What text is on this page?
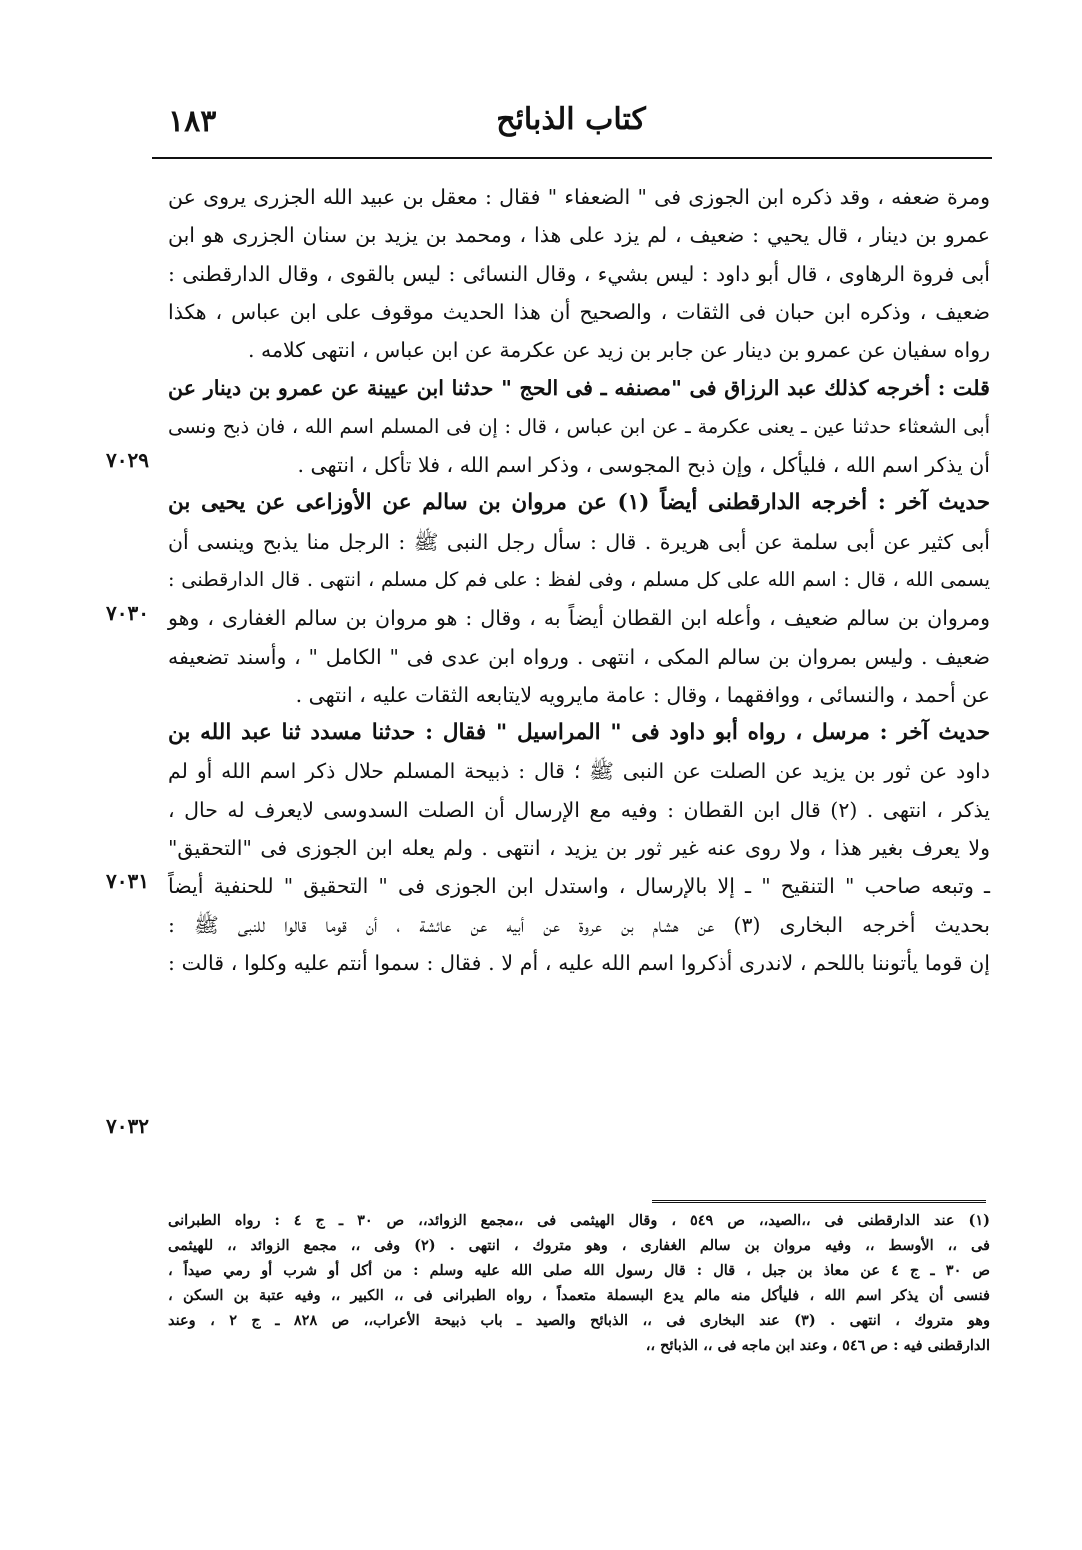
١٨٣	كتاب الذبائح
٧٠٢٩
٧٠٣٠
٧٠٣١
٧٠٣٢
ومرة ضعفه ، وقد ذكره ابن الجوزى فى " الضعفاء " فقال : معقل بن عبيد الله الجزرى يروى عن
عمرو بن دينار ، قال يحيي : ضعيف ، لم يزد على هذا ، ومحمد بن يزيد بن سنان الجزرى هو ابن
أبى فروة الرهاوى ، قال أبو داود : ليس بشيء ، وقال النسائى : ليس بالقوى ، وقال الدارقطنى :
ضعيف ، وذكره ابن حبان فى الثقات ، والصحيح أن هذا الحديث موقوف على ابن عباس ، هكذا
رواه سفيان عن عمرو بن دينار عن جابر بن زيد عن عكرمة عن ابن عباس ، انتهى كلامه .
قلت : أخرجه كذلك عبد الرزاق فى "مصنفه ـ فى الحج " حدثنا ابن عيينة عن عمرو بن دينار عن
أبى الشعثاء حدثنا عين ـ يعنى عكرمة ـ عن ابن عباس ، قال : إن فى المسلم اسم الله ، فان ذبح ونسى
أن يذكر اسم الله ، فليأكل ، وإن ذبح المجوسى ، وذكر اسم الله ، فلا تأكل ، انتهى .
حديث آخر : أخرجه الدارقطنى أيضاً (١) عن مروان بن سالم عن الأوزاعى عن يحيى بن
أبى كثير عن أبى سلمة عن أبى هريرة . قال : سأل رجل النبى ﷺ : الرجل منا يذبح وينسى أن
يسمى الله ، قال : اسم الله على كل مسلم ، وفى لفظ : على فم كل مسلم ، انتهى . قال الدارقطنى :
ومروان بن سالم ضعيف ، وأعله ابن القطان أيضاً به ، وقال : هو مروان بن سالم الغفارى ، وهو
ضعيف . وليس بمروان بن سالم المكى ، انتهى . ورواه ابن عدى فى " الكامل " ، وأسند تضعيفه
عن أحمد ، والنسائى ، ووافقهما ، وقال : عامة مايرويه لايتابعه الثقات عليه ، انتهى .
حديث آخر : مرسل ، رواه أبو داود فى " المراسيل " فقال : حدثنا مسدد ثنا عبد الله بن
داود عن ثور بن يزيد عن الصلت عن النبى ﷺ ؛ قال : ذبيحة المسلم حلال ذكر اسم الله أو لم
يذكر ، انتهى . (٢) قال ابن القطان : وفيه مع الإرسال أن الصلت السدوسى لايعرف له حال ،
ولا يعرف بغير هذا ، ولا روى عنه غير ثور بن يزيد ، انتهى . ولم يعله ابن الجوزى فى "التحقيق"
ـ وتبعه صاحب " التنقيح " ـ إلا بالإرسال ، واستدل ابن الجوزى فى " التحقيق " للحنفية أيضاً
بحديث أخرجه البخارى (٣) عن هشام بن عروة عن أبيه عن عائشة ، أن قوما قالوا للنبى ﷺ :
إن قوما يأتوننا باللحم ، لاندرى أذكروا اسم الله عليه ، أم لا . فقال : سموا أنتم عليه وكلوا ، قالت :
(١) عند الدارقطنى فى ،،الصيد،، ص ٥٤٩ ، وقال الهيثمى فى ،،مجمع الزوائد،، ص ٣٠ ـ ج ٤ : رواه الطبرانى
فى ،، الأوسط ،، وفيه مروان بن سالم الغفارى ، وهو متروك ، انتهى . (٢) وفى ،، مجمع الزوائد ،، للهيثمى
ص ٣٠ ـ ج ٤ عن معاذ بن جبل ، قال : قال رسول الله صلى الله عليه وسلم : من أكل أو شرب أو رمي صيداً ،
فنسى أن يذكر اسم الله ، فليأكل منه مالم يدع البسملة متعمداً ، رواه الطبرانى فى ،، الكبير ،، وفيه عتبة بن السكن ،
وهو متروك ، انتهى . (٣) عند البخارى فى ،، الذبائح والصيد ـ باب ذبيحة الأعراب،، ص ٨٢٨ ـ ج ٢ ، وعند
الدارقطنى فيه : ص ٥٤٦ ، وعند ابن ماجه فى ،، الذبائح ،،
